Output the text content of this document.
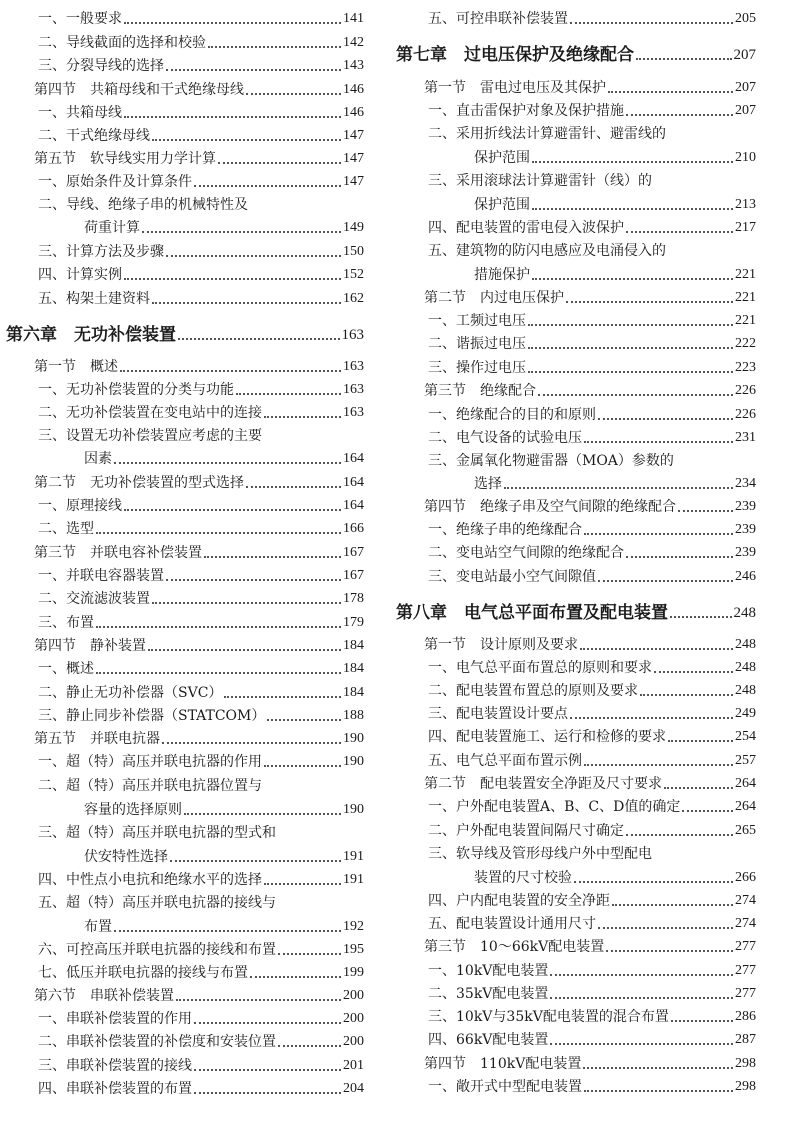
一、一般要求	141
二、导线截面的选择和校验	142
三、分裂导线的选择	143
第四节　共箱母线和干式绝缘母线	146
一、共箱母线	146
二、干式绝缘母线	147
第五节　软导线实用力学计算	147
一、原始条件及计算条件	147
二、导线、绝缘子串的机械特性及
荷重计算	149
三、计算方法及步骤	150
四、计算实例	152
五、构架土建资料	162
第六章　无功补偿装置	163
第一节　概述	163
一、无功补偿装置的分类与功能	163
二、无功补偿装置在变电站中的连接	163
三、设置无功补偿装置应考虑的主要
因素	164
第二节　无功补偿装置的型式选择	164
一、原理接线	164
二、选型	166
第三节　并联电容补偿装置	167
一、并联电容器装置	167
二、交流滤波装置	178
三、布置	179
第四节　静补装置	184
一、概述	184
二、静止无功补偿器（SVC）	184
三、静止同步补偿器（STATCOM）	188
第五节　并联电抗器	190
一、超（特）高压并联电抗器的作用	190
二、超（特）高压并联电抗器位置与
容量的选择原则	190
三、超（特）高压并联电抗器的型式和
伏安特性选择	191
四、中性点小电抗和绝缘水平的选择	191
五、超（特）高压并联电抗器的接线与
布置	192
六、可控高压并联电抗器的接线和布置	195
七、低压并联电抗器的接线与布置	199
第六节　串联补偿装置	200
一、串联补偿装置的作用	200
二、串联补偿装置的补偿度和安装位置	200
三、串联补偿装置的接线	201
四、串联补偿装置的布置	204
五、可控串联补偿装置	205
第七章　过电压保护及绝缘配合	207
第一节　雷电过电压及其保护	207
一、直击雷保护对象及保护措施	207
二、采用折线法计算避雷针、避雷线的
保护范围	210
三、采用滚球法计算避雷针（线）的
保护范围	213
四、配电装置的雷电侵入波保护	217
五、建筑物的防闪电感应及电涌侵入的
措施保护	221
第二节　内过电压保护	221
一、工频过电压	221
二、谐振过电压	222
三、操作过电压	223
第三节　绝缘配合	226
一、绝缘配合的目的和原则	226
二、电气设备的试验电压	231
三、金属氧化物避雷器（MOA）参数的
选择	234
第四节　绝缘子串及空气间隙的绝缘配合	239
一、绝缘子串的绝缘配合	239
二、变电站空气间隙的绝缘配合	239
三、变电站最小空气间隙值	246
第八章　电气总平面布置及配电装置	248
第一节　设计原则及要求	248
一、电气总平面布置总的原则和要求	248
二、配电装置布置总的原则及要求	248
三、配电装置设计要点	249
四、配电装置施工、运行和检修的要求	254
五、电气总平面布置示例	257
第二节　配电装置安全净距及尺寸要求	264
一、户外配电装置A、B、C、D值的确定	264
二、户外配电装置间隔尺寸确定	265
三、软导线及管形母线户外中型配电
装置的尺寸校验	266
四、户内配电装置的安全净距	274
五、配电装置设计通用尺寸	274
第三节　10～66kV配电装置	277
一、10kV配电装置	277
二、35kV配电装置	277
三、10kV与35kV配电装置的混合布置	286
四、66kV配电装置	287
第四节　110kV配电装置	298
一、敞开式中型配电装置	298
